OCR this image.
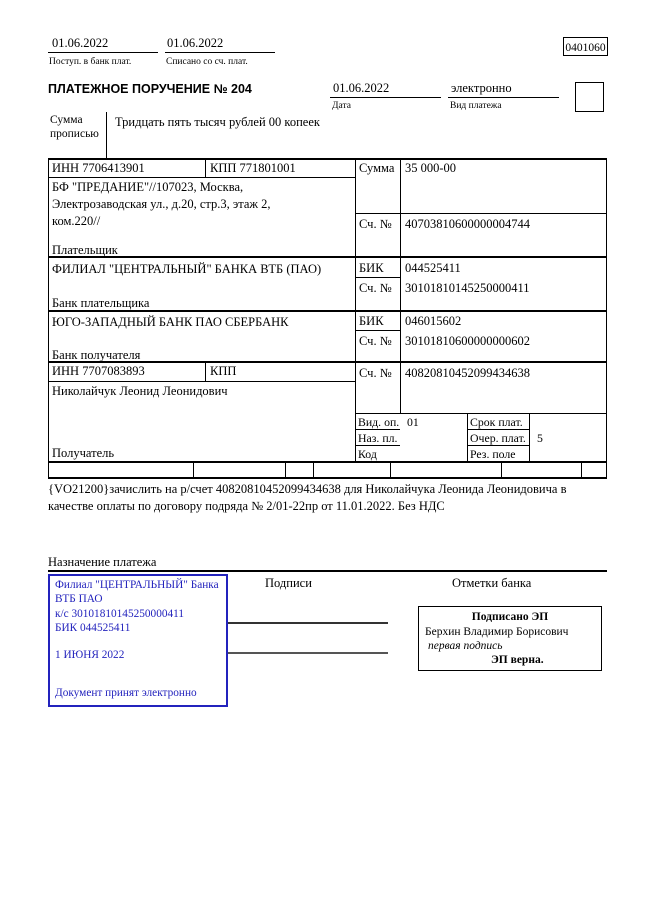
01.06.2022
Поступ. в банк плат.
01.06.2022
Списано со сч. плат.
0401060
ПЛАТЕЖНОЕ ПОРУЧЕНИЕ № 204	01.06.2022
Дата
электронно
Вид платежа
Сумма
прописью
Тридцать пять тысяч рублей 00 копеек
ИНН 7706413901	КПП 771801001	Сумма 35 000-00
БФ "ПРЕДАНИЕ"//107023, Москва, Электрозаводская ул., д.20, стр.3, этаж 2, ком.220//	Сч. № 40703810600000004744
Плательщик
ФИЛИАЛ "ЦЕНТРАЛЬНЫЙ" БАНКА ВТБ (ПАО)	БИК 044525411
Сч. № 30101810145250000411
Банк плательщика
ЮГО-ЗАПАДНЫЙ БАНК ПАО СБЕРБАНК	БИК 046015602
Сч. № 30101810600000000602
Банк получателя
ИНН 7707083893	КПП	Сч. № 40820810452099434638
Николайчук Леонид Леонидович
Вид. оп. 01	Срок плат.
Наз. пл.	Очер. плат. 5
Код	Рез. поле
Получатель
{VO21200}зачислить на р/счет 40820810452099434638 для Николайчука Леонида Леонидовича в качестве оплаты по договору подряда № 2/01-22пр от 11.01.2022. Без НДС
Назначение платежа
Филиал "ЦЕНТРАЛЬНЫЙ" Банка
ВТБ ПАО
к/с 30101810145250000411
БИК 044525411
1 ИЮНЯ 2022
Документ принят электронно
Подписи	Отметки банка
Подписано ЭП
Берхин Владимир Борисович
первая подпись
ЭП верна.
